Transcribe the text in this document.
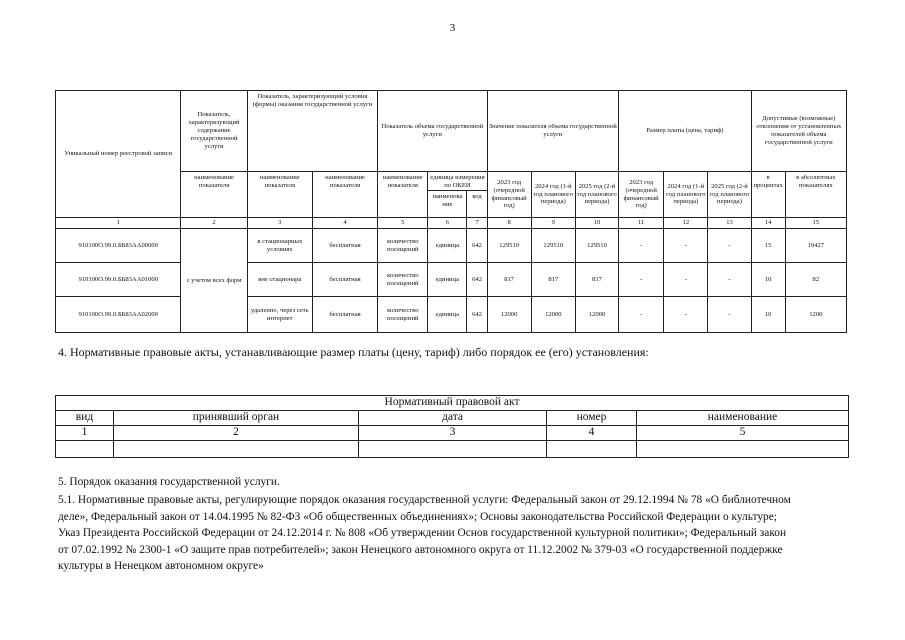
3
Уникальный номер реестровой записи	Показатель, характеризующий содержание государственной услуги	Показатель, характеризующий условия (формы) оказания государственной услуги		Показатель объема государственной услуги			Значение показателя объема государственной услуги			Размер платы (цена, тариф)			Допустимые (возможные) отклонения от установленных показателей объема государственной услуги	
	наименование показателя	наименование показателя	наименование показателя	наименование показателя	единица измерения по ОКЕИ		2023 год (очередной финансовый год)	2024 год (1-й год планового периода)	2025 год (2-й год планового периода)	2023 год (очередной финансовый год)	2024 год (1-й год планового периода)	2025 год (2-й год планового периода)	в процентах	в абсолютных показателях
					наименова ние	код								
1	2	3	4	5	6	7	8	9	10	11	12	13	14	15
910100О.99.0.ББ83АА00000	с учетом всех форм	в стационарных условиях	бесплатная	количество посещений	единица	642	129510	129510	129510	-	-	-	15	19427
910100О.99.0.ББ83АА01000		вне стационара	бесплатная	количество посещений	единица	642	817	817	817	-	-	-	10	82
910100О.99.0.ББ83АА02000		удаленно, через сеть интернет	бесплатная	количество посещений	единица	642	12000	12000	12000	-	-	-	10	1200
4. Нормативные правовые акты, устанавливающие размер платы (цену, тариф) либо порядок ее (его) установления:
Нормативный правовой акт				
вид	принявший орган	дата	номер	наименование
1	2	3	4	5

5. Порядок оказания государственной услуги.

5.1. Нормативные правовые акты, регулирующие порядок оказания государственной услуги: Федеральный закон от 29.12.1994 № 78 «О библиотечном

деле», Федеральный закон от 14.04.1995 № 82-ФЗ «Об общественных объединениях»; Основы законодательства Российской Федерации о культуре;

Указ Президента Российской Федерации от 24.12.2014 г. № 808 «Об утверждении Основ государственной культурной политики»; Федеральный закон

от 07.02.1992 № 2300-1 «О защите прав потребителей»; закон Ненецкого автономного округа от 11.12.2002 № 379-03 «О государственной поддержке

культуры в Ненецком автономном округе»
